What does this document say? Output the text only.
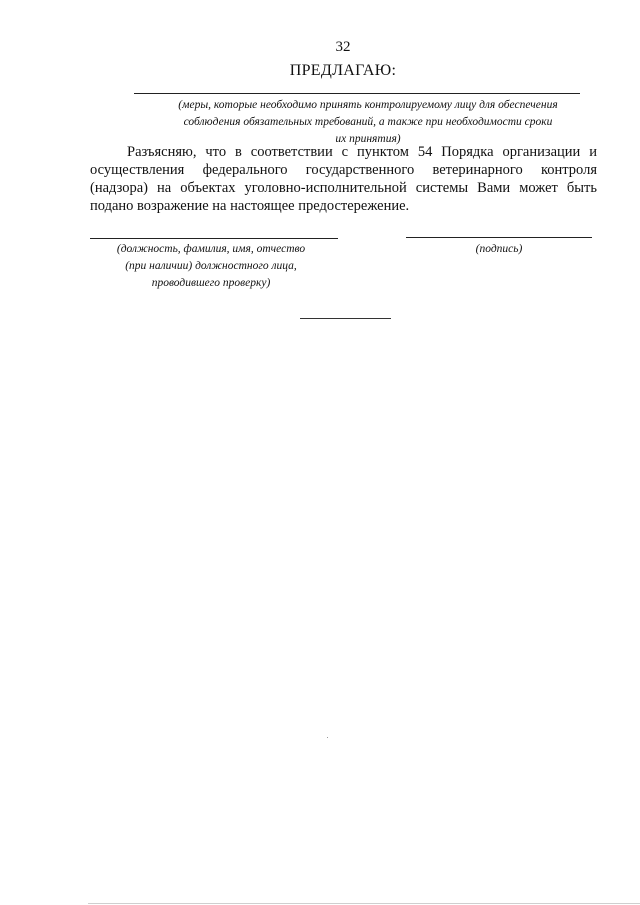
32
ПРЕДЛАГАЮ:
(меры, которые необходимо принять контролируемому лицу для обеспечения
соблюдения обязательных требований, а также при необходимости сроки
их принятия)
Разъясняю, что в соответствии с пунктом 54 Порядка организации и осуществления федерального государственного ветеринарного контроля (надзора) на объектах уголовно-исполнительной системы Вами может быть подано возражение на настоящее предостережение.
(должность, фамилия, имя, отчество
(при наличии) должностного лица,
проводившего проверку)
(подпись)
